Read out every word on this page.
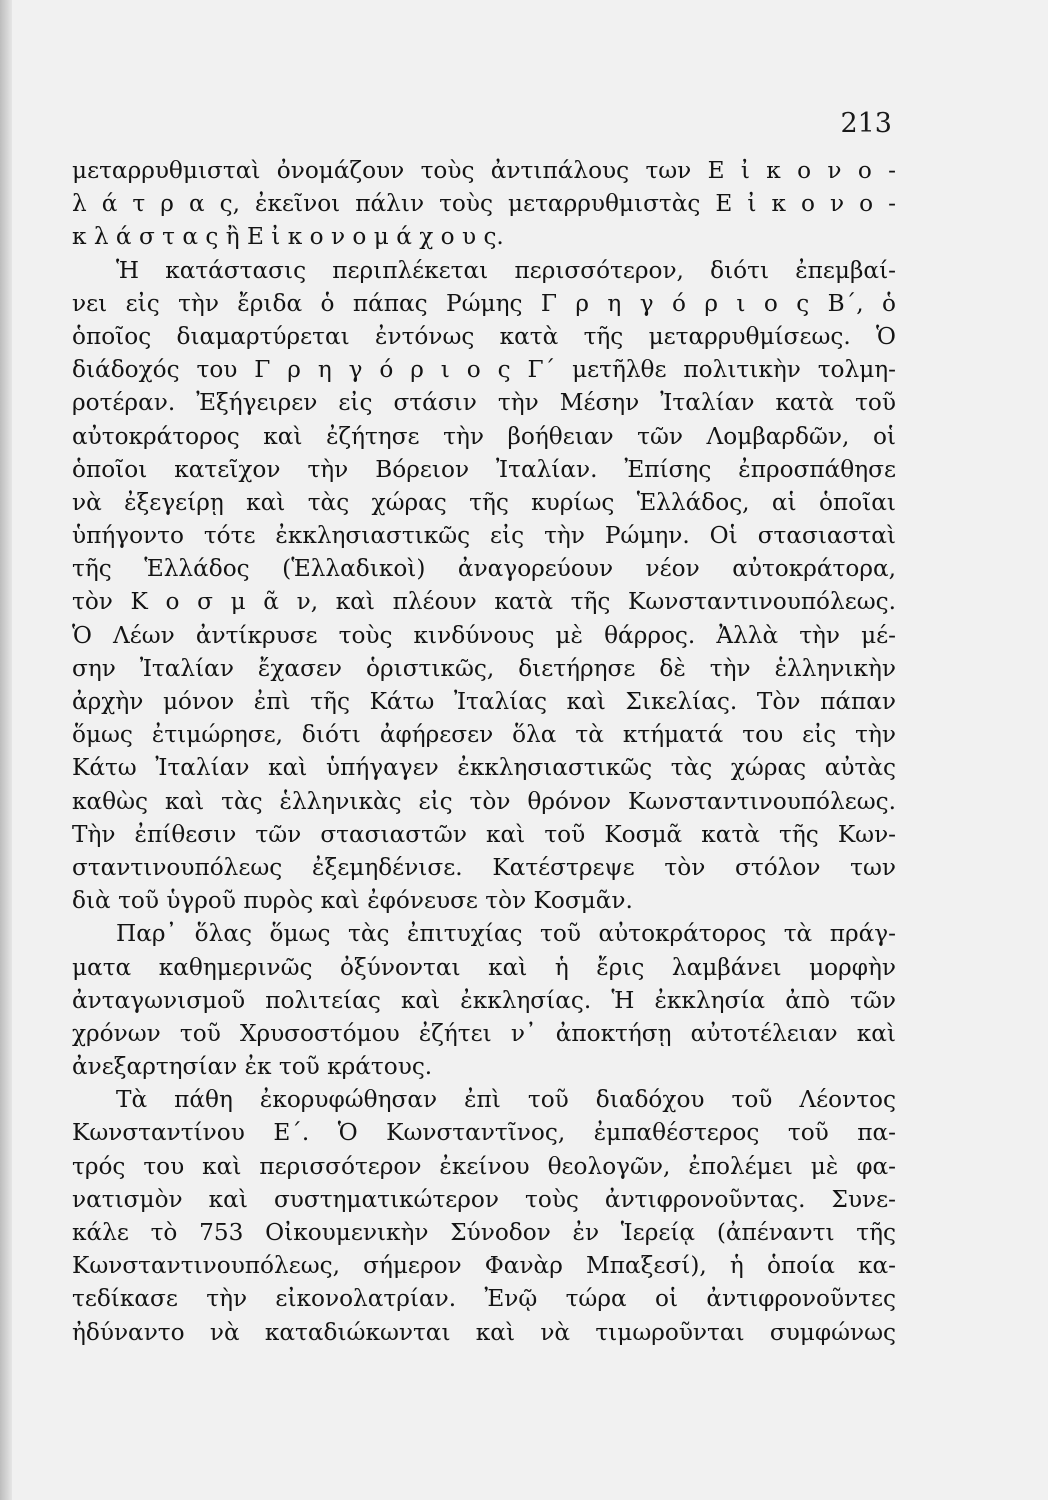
213

μεταρρυθμισταὶ ὀνομάζουν τοὺς ἀντιπάλους των Ε ἰ κ ο ν ο -
λ ά τ ρ α ς, ἐκεῖνοι πάλιν τοὺς μεταρρυθμιστὰς Ε ἰ κ ο ν ο -
κ λ ά σ τ α ς ἢ Ε ἰ κ ο ν ο μ ά χ ο υ ς.
Ἡ κατάστασις περιπλέκεται περισσότερον, διότι ἐπεμβαί-
νει εἰς τὴν ἔριδα ὁ πάπας Ρώμης Γ ρ η γ ό ρ ι ο ς Β΄, ὁ
ὁποῖος διαμαρτύρεται ἐντόνως κατὰ τῆς μεταρρυθμίσεως. Ὁ
διάδοχός του Γ ρ η γ ό ρ ι ο ς Γ΄ μετῆλθε πολιτικὴν τολμη-
ροτέραν. Ἐξήγειρεν εἰς στάσιν τὴν Μέσην Ἰταλίαν κατὰ τοῦ
αὐτοκράτορος καὶ ἐζήτησε τὴν βοήθειαν τῶν Λομβαρδῶν, οἱ
ὁποῖοι κατεῖχον τὴν Βόρειον Ἰταλίαν. Ἐπίσης ἐπροσπάθησε
νὰ ἐξεγείρῃ καὶ τὰς χώρας τῆς κυρίως Ἑλλάδος, αἱ ὁποῖαι
ὑπήγοντο τότε ἐκκλησιαστικῶς εἰς τὴν Ρώμην. Οἱ στασιασταὶ
τῆς Ἑλλάδος (Ἑλλαδικοὶ) ἀναγορεύουν νέον αὐτοκράτορα,
τὸν Κ ο σ μ ᾶ ν, καὶ πλέουν κατὰ τῆς Κωνσταντινουπόλεως.
Ὁ Λέων ἀντίκρυσε τοὺς κινδύνους μὲ θάρρος. Ἀλλὰ τὴν μέ-
σην Ἰταλίαν ἔχασεν ὁριστικῶς, διετήρησε δὲ τὴν ἑλληνικὴν
ἀρχὴν μόνον ἐπὶ τῆς Κάτω Ἰταλίας καὶ Σικελίας. Τὸν πάπαν
ὅμως ἐτιμώρησε, διότι ἀφήρεσεν ὅλα τὰ κτήματά του εἰς τὴν
Κάτω Ἰταλίαν καὶ ὑπήγαγεν ἐκκλησιαστικῶς τὰς χώρας αὐτὰς
καθὼς καὶ τὰς ἑλληνικὰς εἰς τὸν θρόνον Κωνσταντινουπόλεως.
Τὴν ἐπίθεσιν τῶν στασιαστῶν καὶ τοῦ Κοσμᾶ κατὰ τῆς Κων-
σταντινουπόλεως ἐξεμηδένισε. Κατέστρεψε τὸν στόλον των
διὰ τοῦ ὑγροῦ πυρὸς καὶ ἐφόνευσε τὸν Κοσμᾶν.
Παρ᾿ ὅλας ὅμως τὰς ἐπιτυχίας τοῦ αὐτοκράτορος τὰ πράγ-
ματα καθημερινῶς ὀξύνονται καὶ ἡ ἔρις λαμβάνει μορφὴν
ἀνταγωνισμοῦ πολιτείας καὶ ἐκκλησίας. Ἡ ἐκκλησία ἀπὸ τῶν
χρόνων τοῦ Χρυσοστόμου ἐζήτει ν᾿ ἀποκτήσῃ αὐτοτέλειαν καὶ
ἀνεξαρτησίαν ἐκ τοῦ κράτους.
Τὰ πάθη ἐκορυφώθησαν ἐπὶ τοῦ διαδόχου τοῦ Λέοντος
Κωνσταντίνου Ε΄. Ὁ Κωνσταντῖνος, ἐμπαθέστερος τοῦ πα-
τρός του καὶ περισσότερον ἐκείνου θεολογῶν, ἐπολέμει μὲ φα-
νατισμὸν καὶ συστηματικώτερον τοὺς ἀντιφρονοῦντας. Συνε-
κάλε τὸ 753 Οἰκουμενικὴν Σύνοδον ἐν Ἱερείᾳ (ἀπέναντι τῆς
Κωνσταντινουπόλεως, σήμερον Φανὰρ Μπαξεσί), ἡ ὁποία κα-
τεδίκασε τὴν εἰκονολατρίαν. Ἐνῷ τώρα οἱ ἀντιφρονοῦντες
ἠδύναντο νὰ καταδιώκωνται καὶ νὰ τιμωροῦνται συμφώνως
